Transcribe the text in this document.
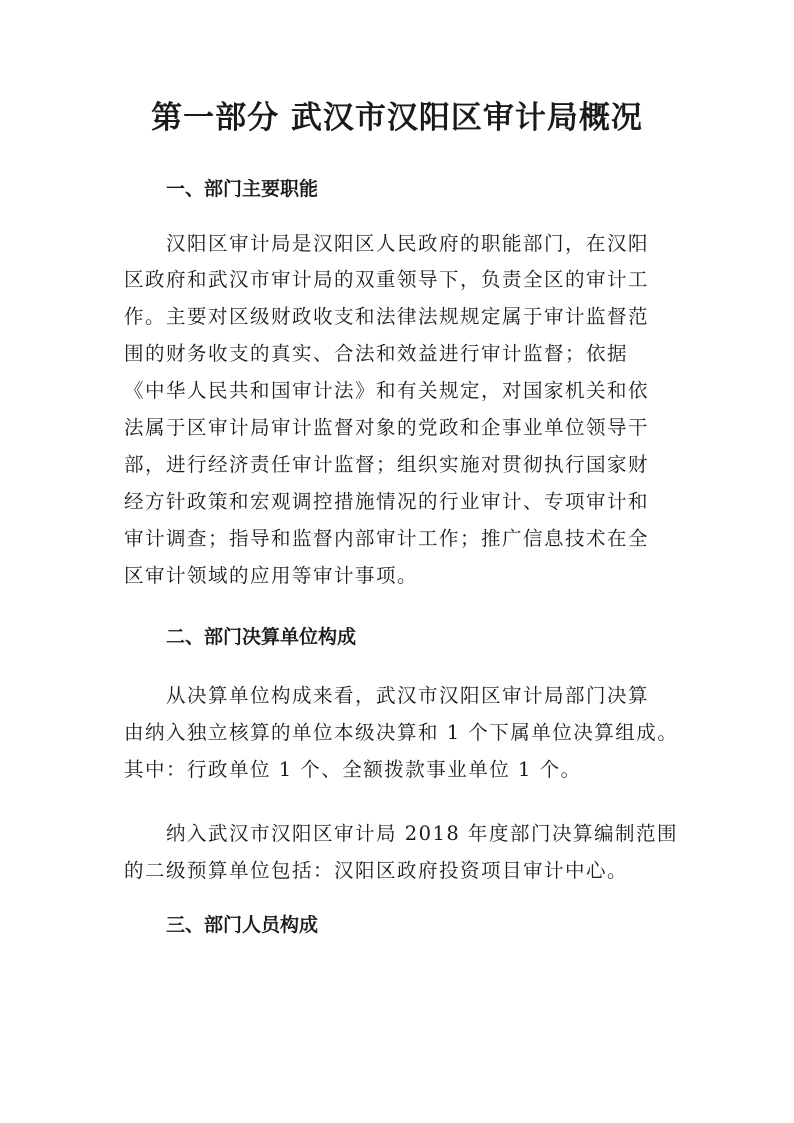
第一部分 武汉市汉阳区审计局概况
一、部门主要职能
汉阳区审计局是汉阳区人民政府的职能部门，在汉阳
区政府和武汉市审计局的双重领导下，负责全区的审计工
作。主要对区级财政收支和法律法规规定属于审计监督范
围的财务收支的真实、合法和效益进行审计监督；依据
《中华人民共和国审计法》和有关规定，对国家机关和依
法属于区审计局审计监督对象的党政和企事业单位领导干
部，进行经济责任审计监督；组织实施对贯彻执行国家财
经方针政策和宏观调控措施情况的行业审计、专项审计和
审计调查；指导和监督内部审计工作；推广信息技术在全
区审计领域的应用等审计事项。
二、部门决算单位构成
从决算单位构成来看，武汉市汉阳区审计局部门决算
由纳入独立核算的单位本级决算和 1 个下属单位决算组成。
其中：行政单位 1 个、全额拨款事业单位 1 个。
纳入武汉市汉阳区审计局 2018 年度部门决算编制范围
的二级预算单位包括：汉阳区政府投资项目审计中心。
三、部门人员构成
